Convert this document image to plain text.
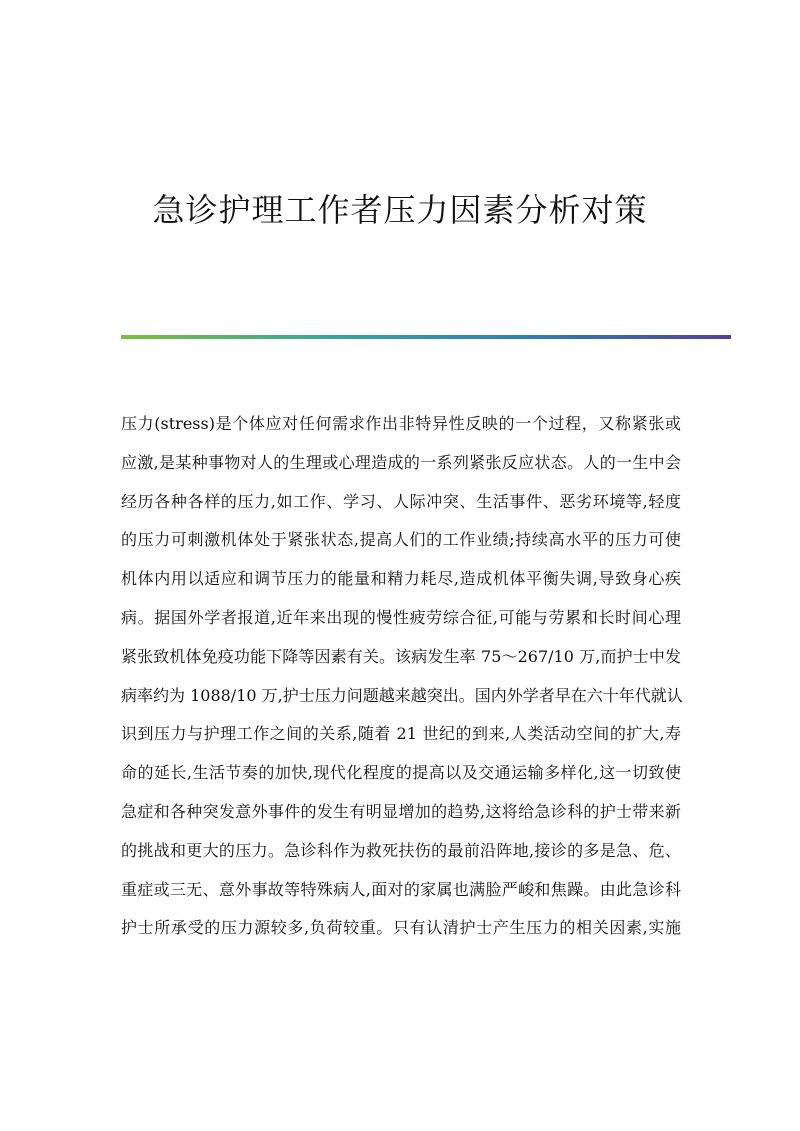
急诊护理工作者压力因素分析对策
压力(stress)是个体应对任何需求作出非特异性反映的一个过程，又称紧张或
应激,是某种事物对人的生理或心理造成的一系列紧张反应状态。人的一生中会
经历各种各样的压力,如工作、学习、人际冲突、生活事件、恶劣环境等,轻度
的压力可刺激机体处于紧张状态,提高人们的工作业绩;持续高水平的压力可使
机体内用以适应和调节压力的能量和精力耗尽,造成机体平衡失调,导致身心疾
病。据国外学者报道,近年来出现的慢性疲劳综合征,可能与劳累和长时间心理
紧张致机体免疫功能下降等因素有关。该病发生率 75～267/10 万,而护士中发
病率约为 1088/10 万,护士压力问题越来越突出。国内外学者早在六十年代就认
识到压力与护理工作之间的关系,随着 21 世纪的到来,人类活动空间的扩大,寿
命的延长,生活节奏的加快,现代化程度的提高以及交通运输多样化,这一切致使
急症和各种突发意外事件的发生有明显增加的趋势,这将给急诊科的护士带来新
的挑战和更大的压力。急诊科作为救死扶伤的最前沿阵地,接诊的多是急、危、
重症或三无、意外事故等特殊病人,面对的家属也满脸严峻和焦躁。由此急诊科
护士所承受的压力源较多,负荷较重。只有认清护士产生压力的相关因素,实施
